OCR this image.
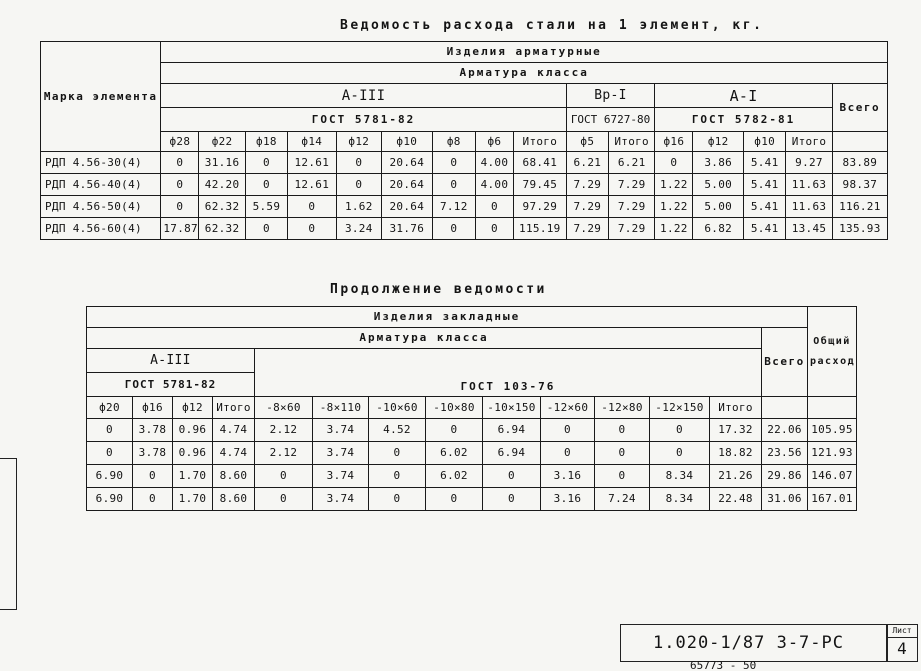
Ведомость расхода стали на 1 элемент, кг.
Продолжение ведомости
Марка элемента	Изделия арматурные															
	Арматура класса															
	А-III									Вр-I		А-I				Всего
	ГОСТ 5781-82									ГОСТ 6727-80		ГОСТ 5782-81				
	ф28	ф22	ф18	ф14	ф12	ф10	ф8	ф6	Итого	ф5	Итого	ф16	ф12	ф10	Итого	
РДП 4.56-30(4)	0	31.16	0	12.61	0	20.64	0	4.00	68.41	6.21	6.21	0	3.86	5.41	9.27	83.89
РДП 4.56-40(4)	0	42.20	0	12.61	0	20.64	0	4.00	79.45	7.29	7.29	1.22	5.00	5.41	11.63	98.37
РДП 4.56-50(4)	0	62.32	5.59	0	1.62	20.64	7.12	0	97.29	7.29	7.29	1.22	5.00	5.41	11.63	116.21
РДП 4.56-60(4)	17.87	62.32	0	0	3.24	31.76	0	0	115.19	7.29	7.29	1.22	6.82	5.41	13.45	135.93
Изделия закладные														Общий расход
Арматура класса													Всего	
А-III				ГОСТ 103-76										
ГОСТ 5781-82														
ф20	ф16	ф12	Итого	-8×60	-8×110	-10×60	-10×80	-10×150	-12×60	-12×80	-12×150	Итого		
0	3.78	0.96	4.74	2.12	3.74	4.52	0	6.94	0	0	0	17.32	22.06	105.95
0	3.78	0.96	4.74	2.12	3.74	0	6.02	6.94	0	0	0	18.82	23.56	121.93
6.90	0	1.70	8.60	0	3.74	0	6.02	0	3.16	0	8.34	21.26	29.86	146.07
6.90	0	1.70	8.60	0	3.74	0	0	0	3.16	7.24	8.34	22.48	31.06	167.01
1.020-1/87 3-7-РС
Лист
4
65773 - 50
